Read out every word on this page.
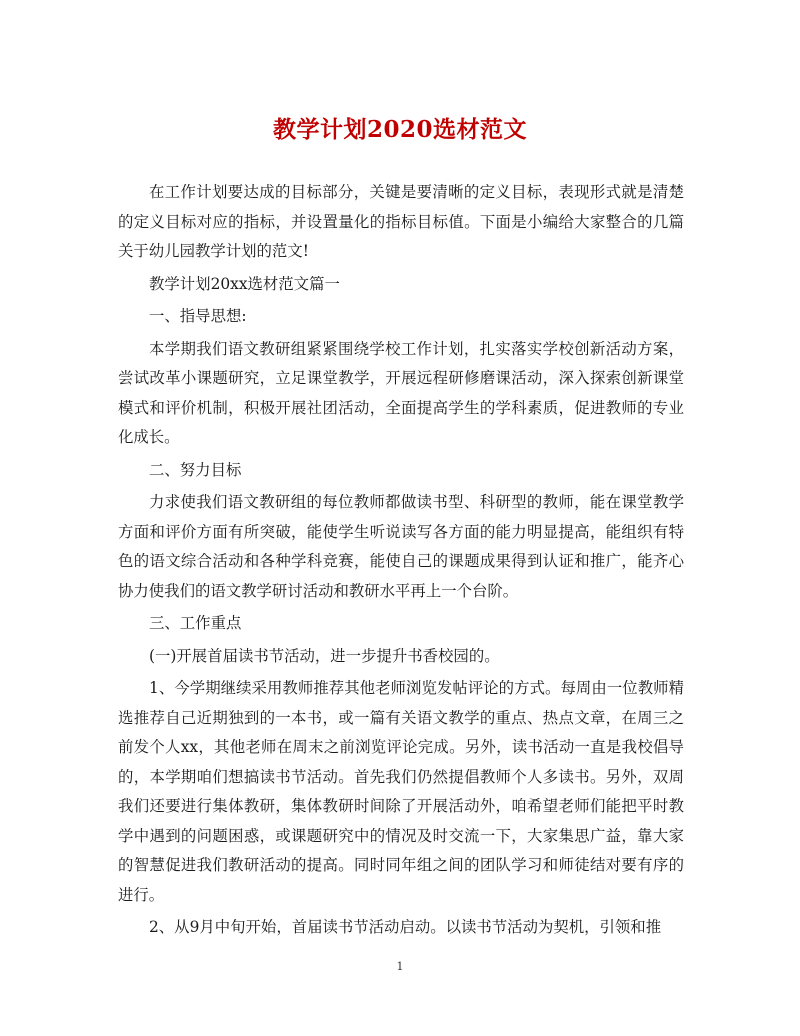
教学计划2020选材范文

在工作计划要达成的目标部分，关键是要清晰的定义目标，表现形式就是清楚的定义目标对应的指标，并设置量化的指标目标值。下面是小编给大家整合的几篇关于幼儿园教学计划的范文!

教学计划20xx选材范文篇一

一、指导思想:

本学期我们语文教研组紧紧围绕学校工作计划，扎实落实学校创新活动方案，尝试改革小课题研究，立足课堂教学，开展远程研修磨课活动，深入探索创新课堂模式和评价机制，积极开展社团活动，全面提高学生的学科素质，促进教师的专业化成长。

二、努力目标

力求使我们语文教研组的每位教师都做读书型、科研型的教师，能在课堂教学方面和评价方面有所突破，能使学生听说读写各方面的能力明显提高，能组织有特色的语文综合活动和各种学科竞赛，能使自己的课题成果得到认证和推广，能齐心协力使我们的语文教学研讨活动和教研水平再上一个台阶。

三、工作重点

(一)开展首届读书节活动，进一步提升书香校园的。

1、今学期继续采用教师推荐其他老师浏览发帖评论的方式。每周由一位教师精选推荐自己近期独到的一本书，或一篇有关语文教学的重点、热点文章，在周三之前发个人xx，其他老师在周末之前浏览评论完成。另外，读书活动一直是我校倡导的，本学期咱们想搞读书节活动。首先我们仍然提倡教师个人多读书。另外，双周我们还要进行集体教研，集体教研时间除了开展活动外，咱希望老师们能把平时教学中遇到的问题困惑，或课题研究中的情况及时交流一下，大家集思广益，靠大家的智慧促进我们教研活动的提高。同时同年组之间的团队学习和师徒结对要有序的进行。

2、从9月中旬开始，首届读书节活动启动。以读书节活动为契机，引领和推

1
